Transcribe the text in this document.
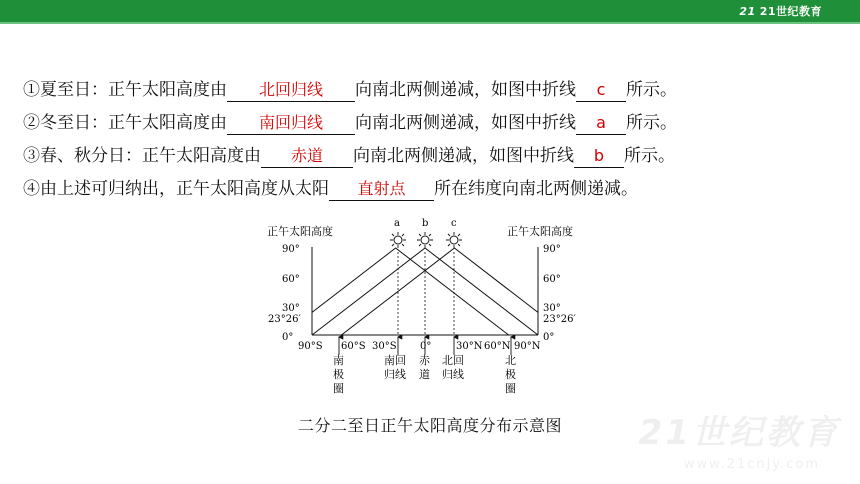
21 21世纪教育
①夏至日：正午太阳高度由 北回归线 向南北两侧递减，如图中折线 c 所示。
②冬至日：正午太阳高度由 南回归线 向南北两侧递减，如图中折线 a 所示。
③春、秋分日：正午太阳高度由 赤道 向南北两侧递减，如图中折线 b 所示。
④由上述可归纳出，正午太阳高度从太阳 直射点 所在纬度向南北两侧递减。
正午太阳高度	正午太阳高度
90°
60°
30°
23°26′
0°
90°
60°
30°
23°26′
0°
a b c
90°S 60°S 30°S 0° 30°N 60°N 90°N
南
极
圈
南回
归线
赤
道
北回
归线
北
极
圈
二分二至日正午太阳高度分布示意图	21世纪教育
www.21cnjy.com
